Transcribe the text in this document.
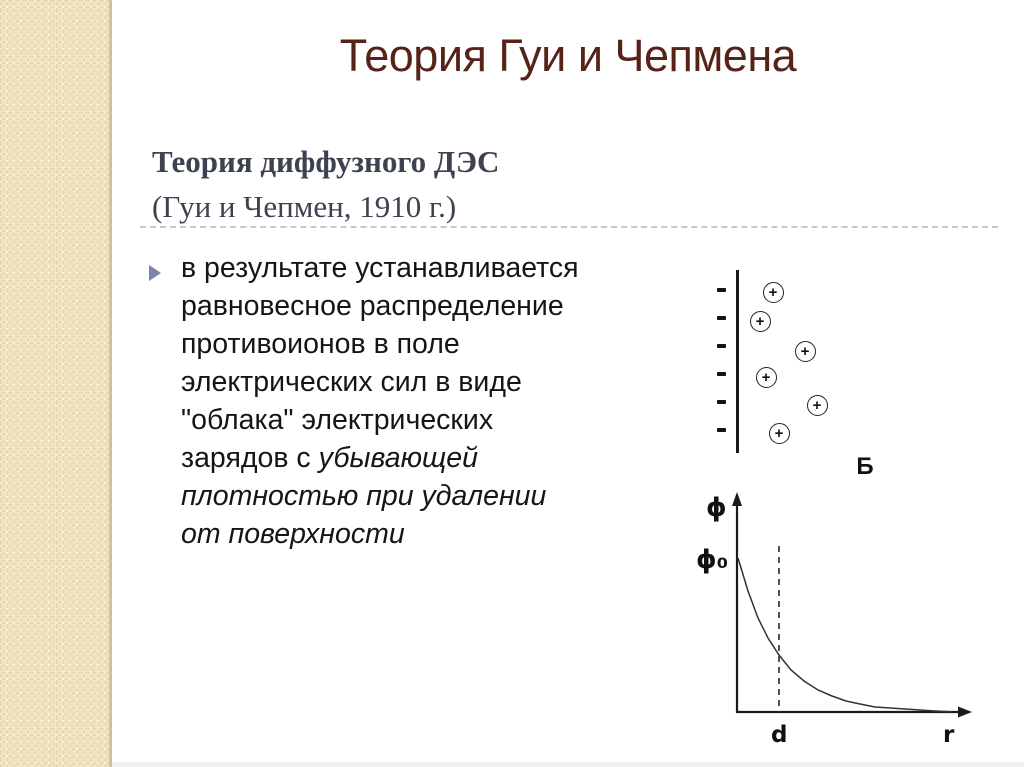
Теория Гуи и Чепмена
Теория диффузного ДЭС
(Гуи и Чепмен, 1910 г.)
в результате устанавливается
равновесное распределение
противоионов в поле
электрических сил в виде
"облака" электрических
зарядов с убывающей
плотностью при удалении
от поверхности
+
+
+
+
+
+
Б
ϕ
ϕ₀
d	r
